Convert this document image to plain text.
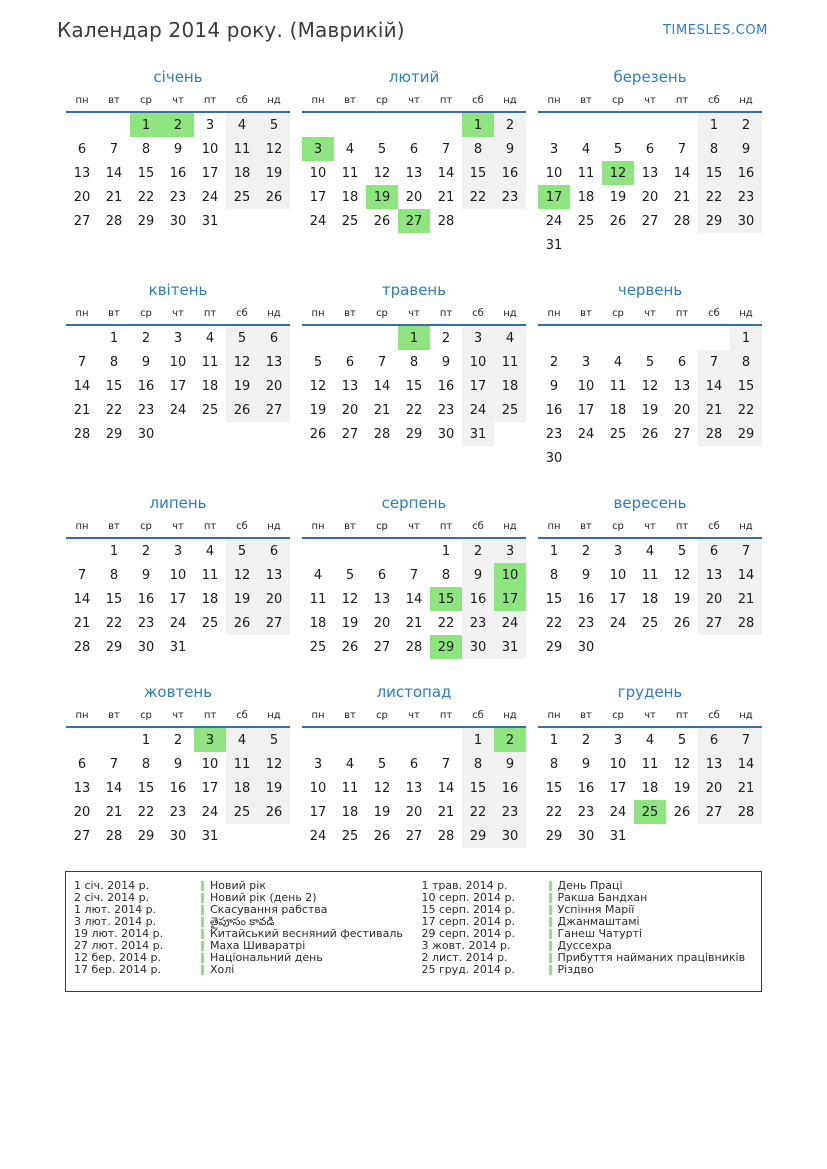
Календар 2014 року. (Маврикій)	TIMESLES.COM
січень
пн	вт	ср	чт	пт	сб	нд
		1	2	3	4	5
6	7	8	9	10	11	12
13	14	15	16	17	18	19
20	21	22	23	24	25	26
27	28	29	30	31		
лютий
пн	вт	ср	чт	пт	сб	нд
					1	2
3	4	5	6	7	8	9
10	11	12	13	14	15	16
17	18	19	20	21	22	23
24	25	26	27	28		
березень
пн	вт	ср	чт	пт	сб	нд
					1	2
3	4	5	6	7	8	9
10	11	12	13	14	15	16
17	18	19	20	21	22	23
24	25	26	27	28	29	30
31						
квітень
пн	вт	ср	чт	пт	сб	нд
	1	2	3	4	5	6
7	8	9	10	11	12	13
14	15	16	17	18	19	20
21	22	23	24	25	26	27
28	29	30				
травень
пн	вт	ср	чт	пт	сб	нд
			1	2	3	4
5	6	7	8	9	10	11
12	13	14	15	16	17	18
19	20	21	22	23	24	25
26	27	28	29	30	31	
червень
пн	вт	ср	чт	пт	сб	нд
						1
2	3	4	5	6	7	8
9	10	11	12	13	14	15
16	17	18	19	20	21	22
23	24	25	26	27	28	29
30						
липень
пн	вт	ср	чт	пт	сб	нд
	1	2	3	4	5	6
7	8	9	10	11	12	13
14	15	16	17	18	19	20
21	22	23	24	25	26	27
28	29	30	31			
серпень
пн	вт	ср	чт	пт	сб	нд
				1	2	3
4	5	6	7	8	9	10
11	12	13	14	15	16	17
18	19	20	21	22	23	24
25	26	27	28	29	30	31
вересень
пн	вт	ср	чт	пт	сб	нд
1	2	3	4	5	6	7
8	9	10	11	12	13	14
15	16	17	18	19	20	21
22	23	24	25	26	27	28
29	30					
жовтень
пн	вт	ср	чт	пт	сб	нд
		1	2	3	4	5
6	7	8	9	10	11	12
13	14	15	16	17	18	19
20	21	22	23	24	25	26
27	28	29	30	31		
листопад
пн	вт	ср	чт	пт	сб	нд
					1	2
3	4	5	6	7	8	9
10	11	12	13	14	15	16
17	18	19	20	21	22	23
24	25	26	27	28	29	30
грудень
пн	вт	ср	чт	пт	сб	нд
1	2	3	4	5	6	7
8	9	10	11	12	13	14
15	16	17	18	19	20	21
22	23	24	25	26	27	28
29	30	31				
1 січ. 2014 р.	Новий рік
2 січ. 2014 р.	Новий рік (день 2)
1 лют. 2014 р.	Скасування рабства
3 лют. 2014 р.	తైపూసం కావడి
19 лют. 2014 р.	Китайський весняний фестиваль
27 лют. 2014 р.	Маха Шиваратрі
12 бер. 2014 р.	Національний день
17 бер. 2014 р.	Холі
1 трав. 2014 р.	День Праці
10 серп. 2014 р.	Ракша Бандхан
15 серп. 2014 р.	Успіння Марії
17 серп. 2014 р.	Джанмаштамі
29 серп. 2014 р.	Ганеш Чатурті
3 жовт. 2014 р.	Дуссехра
2 лист. 2014 р.	Прибуття найманих працівників
25 груд. 2014 р.	Різдво
